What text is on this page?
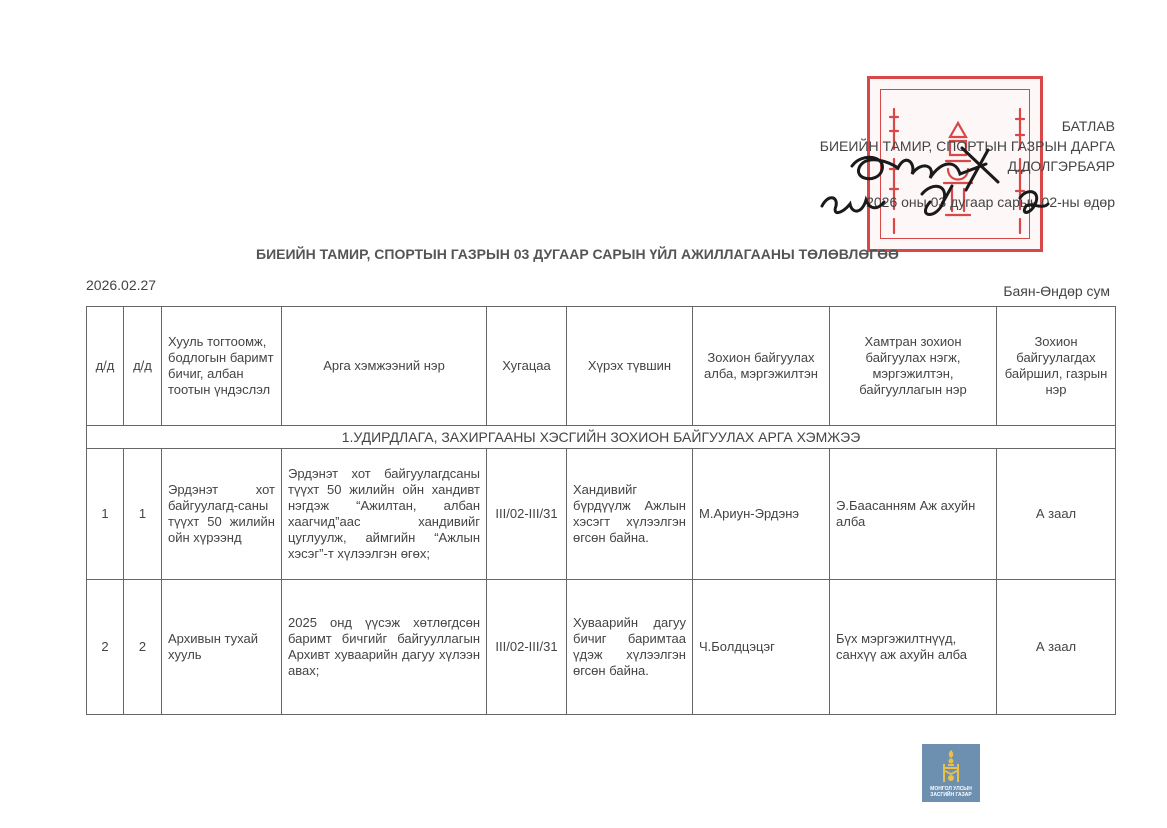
БАТЛАВ
БИЕИЙН ТАМИР, СПОРТЫН ГАЗРЫН ДАРГА
Д.ДОЛГЭРБАЯР
2026 оны 03 дугаар сарын 02-ны өдөр
БИЕИЙН ТАМИР, СПОРТЫН ГАЗРЫН 03 ДУГААР САРЫН ҮЙЛ АЖИЛЛАГААНЫ ТӨЛӨВЛӨГӨӨ
2026.02.27	Баян-Өндөр сум
д/д	д/д	Хууль тогтоомж, бодлогын баримт бичиг, албан тоотын үндэслэл	Арга хэмжээний нэр	Хугацаа	Хүрэх түвшин	Зохион байгуулах алба, мэргэжилтэн	Хамтран зохион байгуулах нэгж, мэргэжилтэн, байгууллагын нэр	Зохион байгуулагдах байршил, газрын нэр
1.УДИРДЛАГА, ЗАХИРГААНЫ ХЭСГИЙН ЗОХИОН БАЙГУУЛАХ АРГА ХЭМЖЭЭ								
1	1	Эрдэнэт хот байгуулагд-саны түүхт 50 жилийн ойн хүрээнд	Эрдэнэт хот байгуулагдсаны түүхт 50 жилийн ойн хандивт нэгдэж “Ажилтан, албан хаагчид”аас хандивийг цуглуулж, аймгийн “Ажлын хэсэг”-т хүлээлгэн өгөх;	III/02-III/31	Хандивийг бүрдүүлж Ажлын хэсэгт хүлээлгэн өгсөн байна.	М.Ариун-Эрдэнэ	Э.Баасанням Аж ахуйн алба	А заал
2	2	Архивын тухай хууль	2025 онд үүсэж хөтлөгдсөн баримт бичгийг байгууллагын Архивт хуваарийн дагуу хүлээн авах;	III/02-III/31	Хуваарийн дагуу бичиг баримтаа үдэж хүлээлгэн өгсөн байна.	Ч.Болдцэцэг	Бүх мэргэжилтнүүд, санхүү аж ахуйн алба	А заал
МОНГОЛ УЛСЫН ЗАСГИЙН ГАЗАР
